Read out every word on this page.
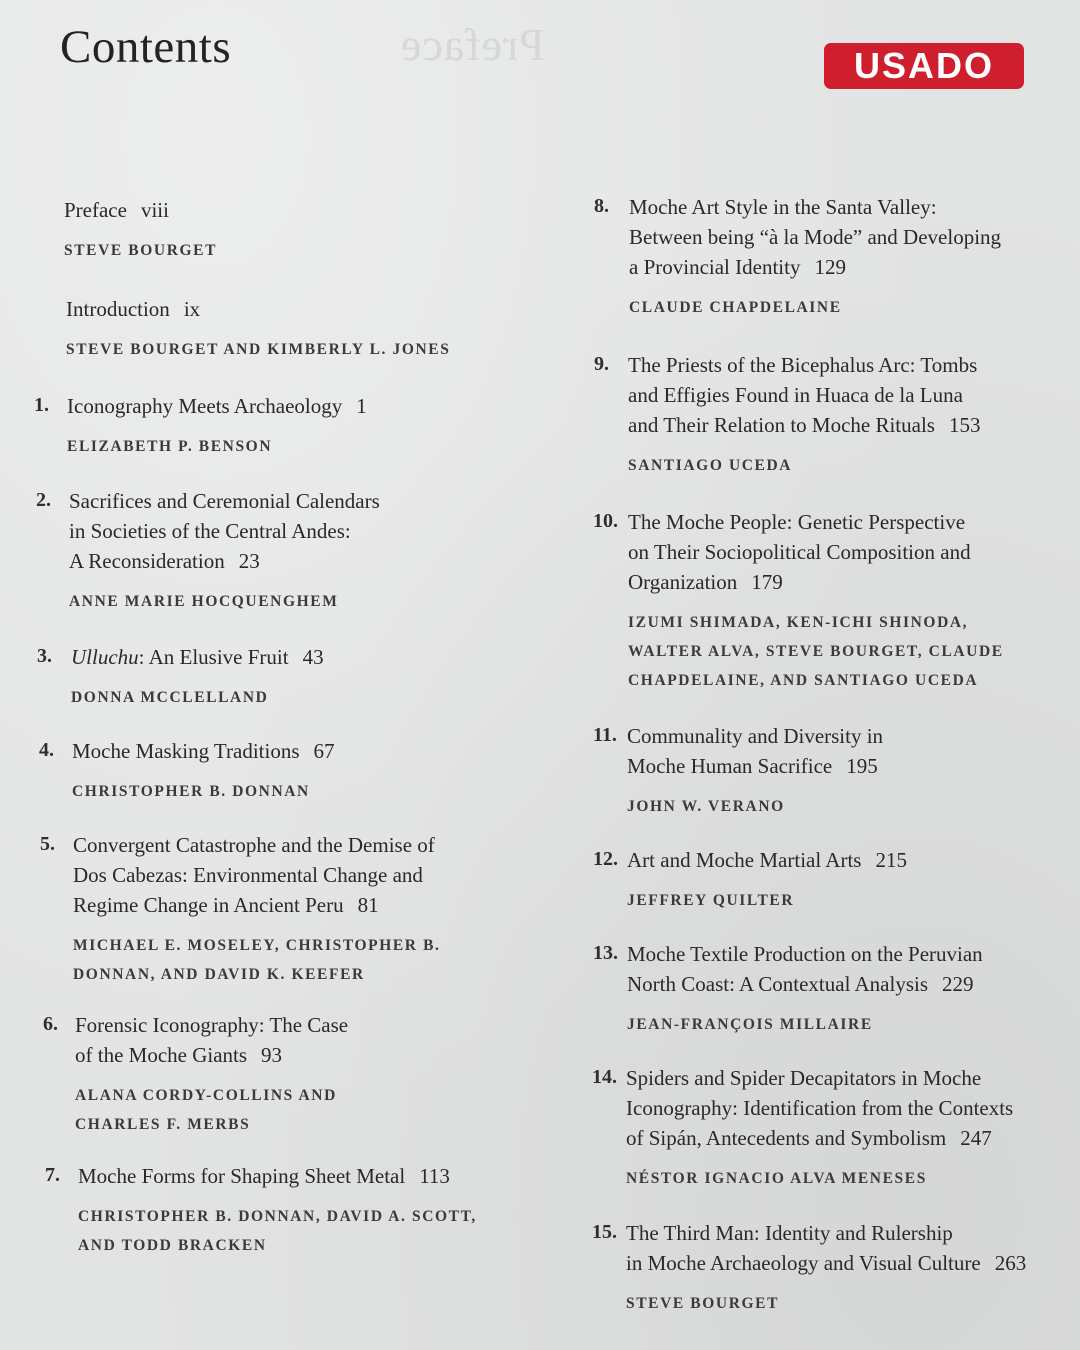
Preface
Contents	USADO
Preface viii
STEVE BOURGET
Introduction ix
STEVE BOURGET AND KIMBERLY L. JONES
1. Iconography Meets Archaeology 1
ELIZABETH P. BENSON
2. Sacrifices and Ceremonial Calendars
in Societies of the Central Andes:
A Reconsideration 23
ANNE MARIE HOCQUENGHEM
3. Ulluchu: An Elusive Fruit 43
DONNA MCCLELLAND
4. Moche Masking Traditions 67
CHRISTOPHER B. DONNAN
5. Convergent Catastrophe and the Demise of
Dos Cabezas: Environmental Change and
Regime Change in Ancient Peru 81
MICHAEL E. MOSELEY, CHRISTOPHER B.
DONNAN, AND DAVID K. KEEFER
6. Forensic Iconography: The Case
of the Moche Giants 93
ALANA CORDY-COLLINS AND
CHARLES F. MERBS
7. Moche Forms for Shaping Sheet Metal 113
CHRISTOPHER B. DONNAN, DAVID A. SCOTT,
AND TODD BRACKEN
8. Moche Art Style in the Santa Valley:
Between being “à la Mode” and Developing
a Provincial Identity 129
CLAUDE CHAPDELAINE
9. The Priests of the Bicephalus Arc: Tombs
and Effigies Found in Huaca de la Luna
and Their Relation to Moche Rituals 153
SANTIAGO UCEDA
10. The Moche People: Genetic Perspective
on Their Sociopolitical Composition and
Organization 179
IZUMI SHIMADA, KEN-ICHI SHINODA,
WALTER ALVA, STEVE BOURGET, CLAUDE
CHAPDELAINE, AND SANTIAGO UCEDA
11. Communality and Diversity in
Moche Human Sacrifice 195
JOHN W. VERANO
12. Art and Moche Martial Arts 215
JEFFREY QUILTER
13. Moche Textile Production on the Peruvian
North Coast: A Contextual Analysis 229
JEAN-FRANÇOIS MILLAIRE
14. Spiders and Spider Decapitators in Moche
Iconography: Identification from the Contexts
of Sipán, Antecedents and Symbolism 247
NÉSTOR IGNACIO ALVA MENESES
15. The Third Man: Identity and Rulership
in Moche Archaeology and Visual Culture 263
STEVE BOURGET
